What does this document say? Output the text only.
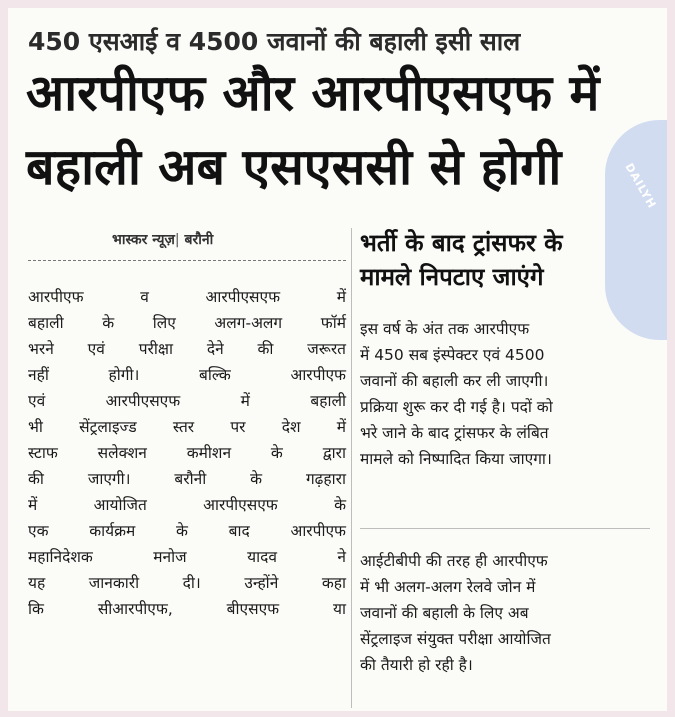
DAILYH
450 एसआई व 4500 जवानों की बहाली इसी साल
आरपीएफ और आरपीएसएफ में
बहाली अब एसएससी से होगी
भास्कर न्यूज़| बरौनी

आरपीएफ व आरपीएसएफ में
बहाली के लिए अलग-अलग फॉर्म
भरने एवं परीक्षा देने की जरूरत
नहीं होगी। बल्कि आरपीएफ
एवं आरपीएसएफ में बहाली
भी सेंट्रलाइज्ड स्तर पर देश में
स्टाफ सलेक्शन कमीशन के द्वारा
की जाएगी। बरौनी के गढ़हारा
में आयोजित आरपीएसएफ के
एक कार्यक्रम के बाद आरपीएफ
महानिदेशक मनोज यादव ने
यह जानकारी दी। उन्होंने कहा
कि सीआरपीएफ, बीएसएफ या

भर्ती के बाद ट्रांसफर के
मामले निपटाए जाएंगे

इस वर्ष के अंत तक आरपीएफ
में 450 सब इंस्पेक्टर एवं 4500
जवानों की बहाली कर ली जाएगी।
प्रक्रिया शुरू कर दी गई है। पदों को
भरे जाने के बाद ट्रांसफर के लंबित
मामले को निष्पादित किया जाएगा।

आईटीबीपी की तरह ही आरपीएफ
में भी अलग-अलग रेलवे जोन में
जवानों की बहाली के लिए अब
सेंट्रलाइज संयुक्त परीक्षा आयोजित
की तैयारी हो रही है।
